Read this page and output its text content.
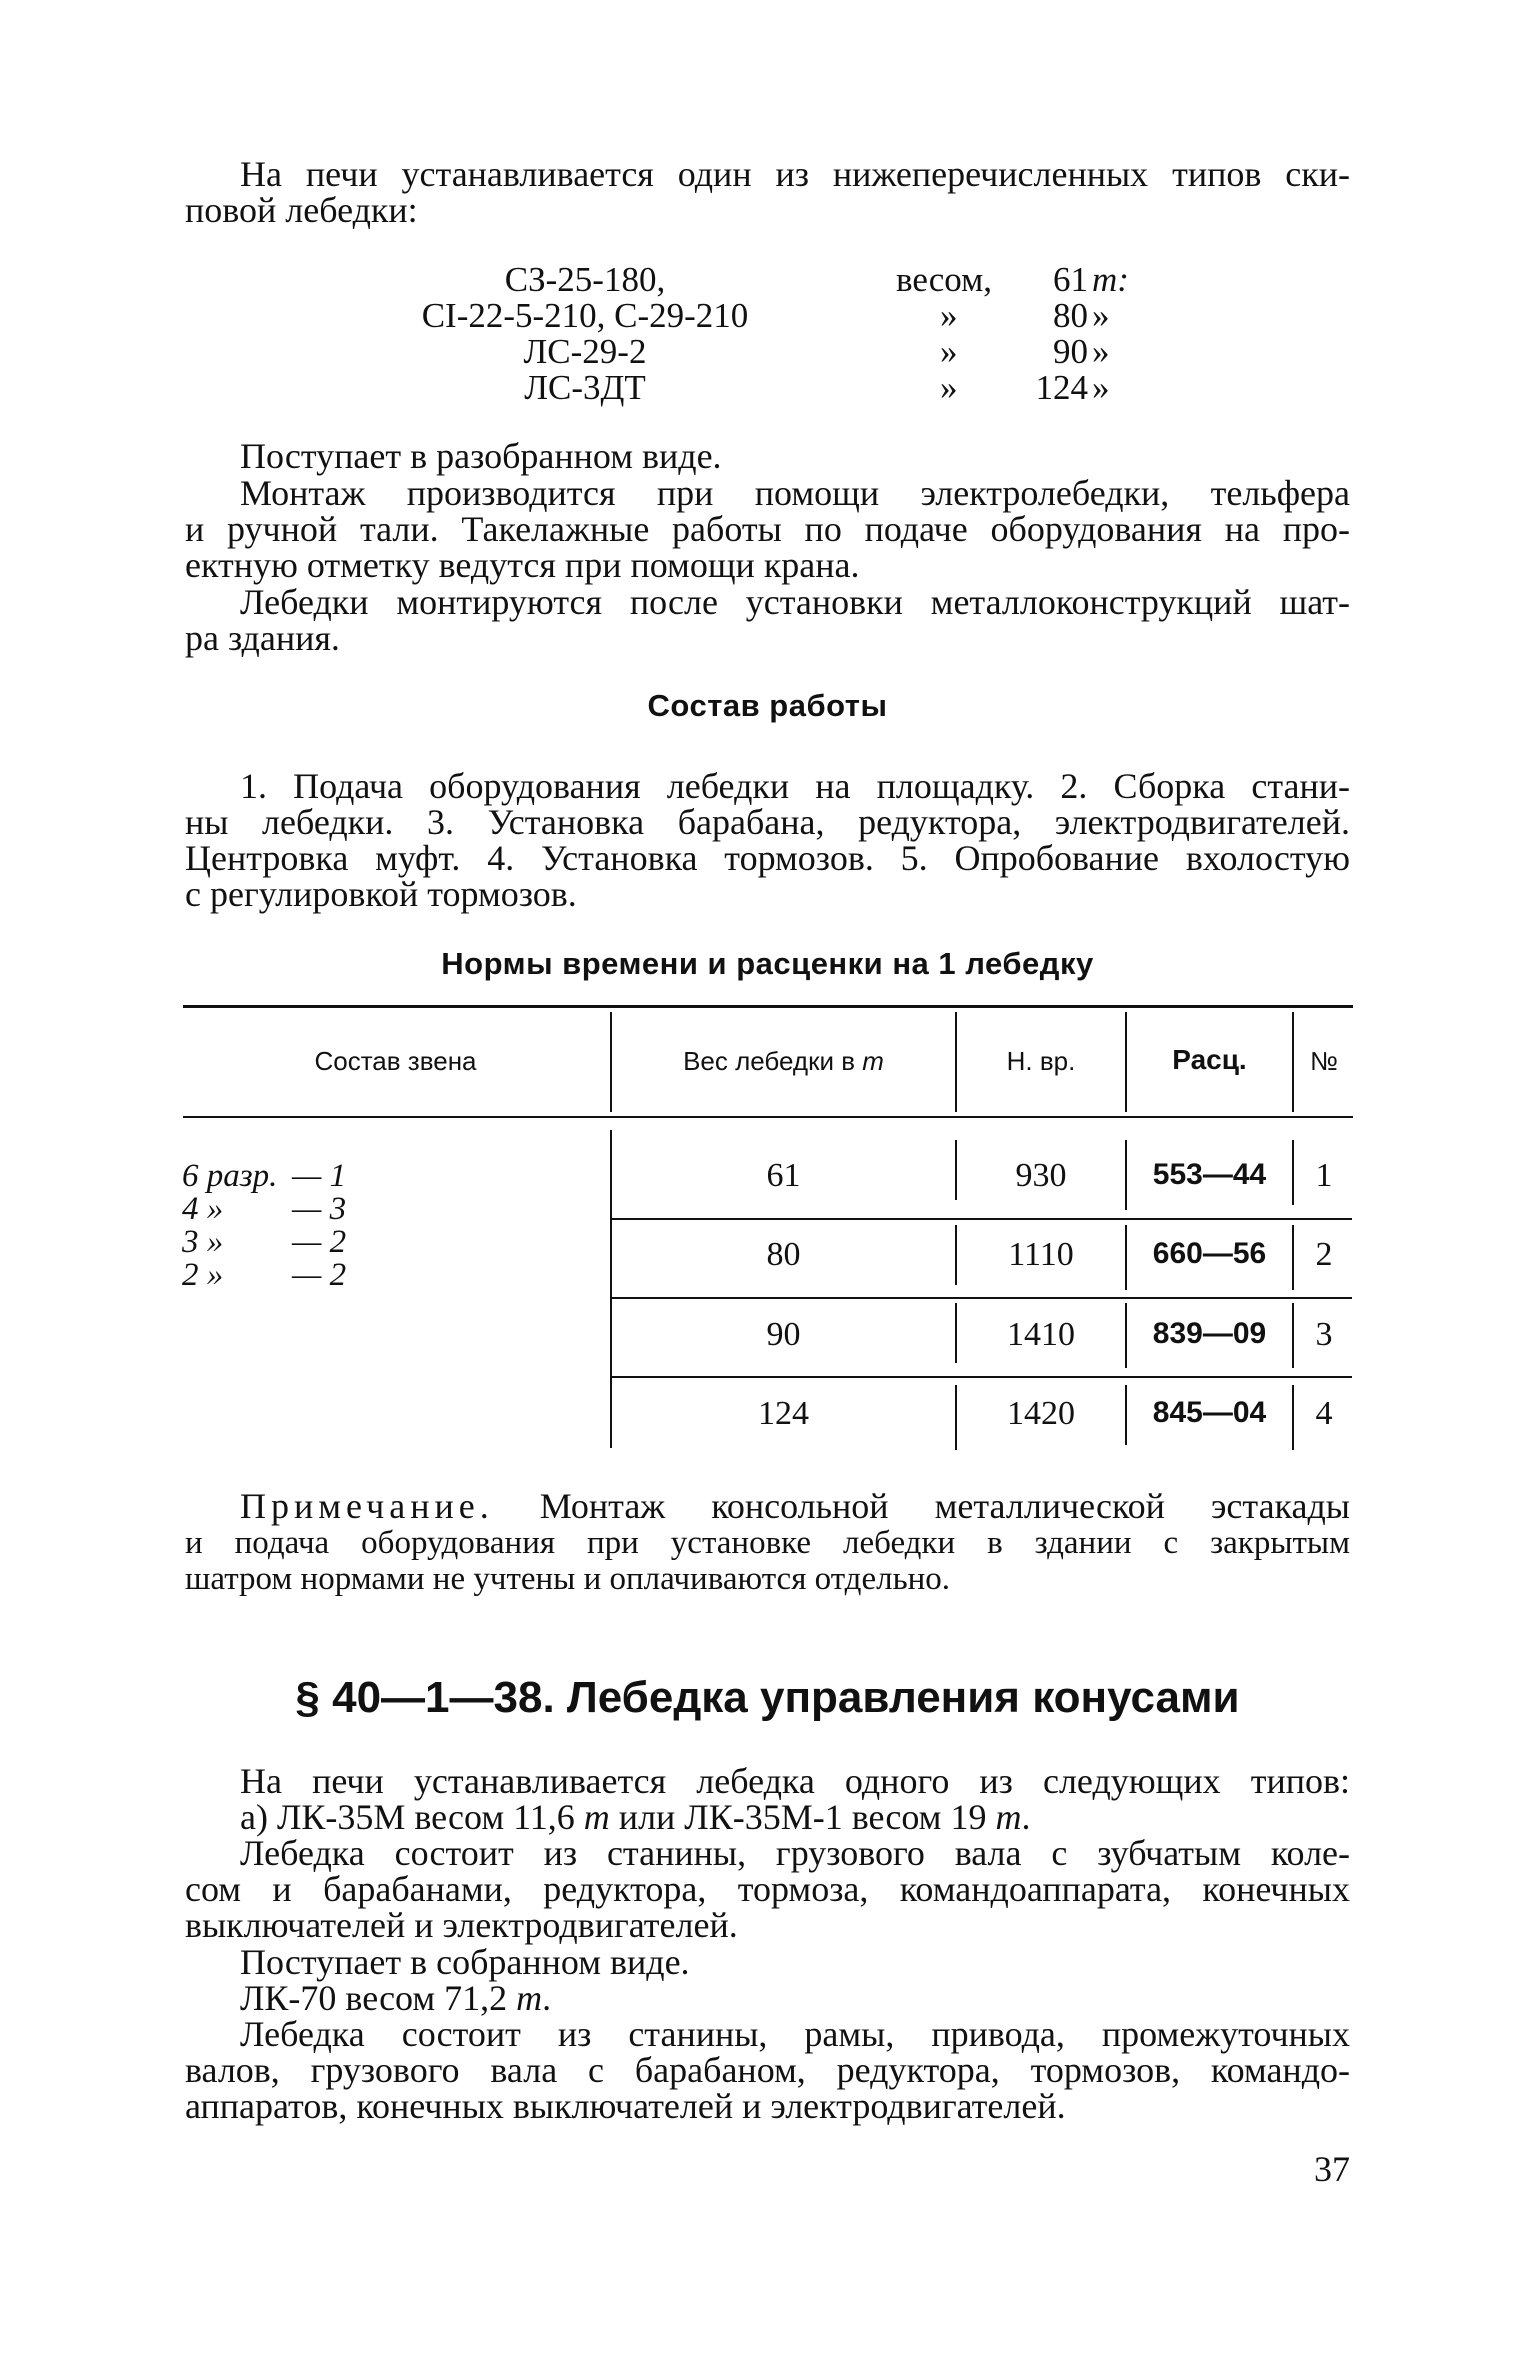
На печи устанавливается один из нижеперечисленных типов ски-
повой лебедки:
СЗ-25-180,	весом,	61 т:
СI-22-5-210, С-29-210	»	80 »
ЛС-29-2	»	90 »
ЛС-3ДТ	»	124 »
Поступает в разобранном виде.
Монтаж производится при помощи электролебедки, тельфера
и ручной тали. Такелажные работы по подаче оборудования на про-
ектную отметку ведутся при помощи крана.
Лебедки монтируются после установки металлоконструкций шат-
ра здания.
Состав работы
1. Подача оборудования лебедки на площадку. 2. Сборка стани-
ны лебедки. 3. Установка барабана, редуктора, электродвигателей.
Центровка муфт. 4. Установка тормозов. 5. Опробование вхолостую
с регулировкой тормозов.
Нормы времени и расценки на 1 лебедку
Состав звена	Вес лебедки в т	Н. вр.	Расц.	№
6 разр. — 1
4 » — 3
3 » — 2
2 » — 2
61	930	553—44	1
80	1110	660—56	2
90	1410	839—09	3
124	1420	845—04	4
Примечание. Монтаж консольной металлической эстакады
и подача оборудования при установке лебедки в здании с закрытым
шатром нормами не учтены и оплачиваются отдельно.
§ 40—1—38. Лебедка управления конусами
На печи устанавливается лебедка одного из следующих типов:
а) ЛК-35М весом 11,6 т или ЛК-35М-1 весом 19 т.
Лебедка состоит из станины, грузового вала с зубчатым коле-
сом и барабанами, редуктора, тормоза, командоаппарата, конечных
выключателей и электродвигателей.
Поступает в собранном виде.
ЛК-70 весом 71,2 т.
Лебедка состоит из станины, рамы, привода, промежуточных
валов, грузового вала с барабаном, редуктора, тормозов, командо-
аппаратов, конечных выключателей и электродвигателей.
37
